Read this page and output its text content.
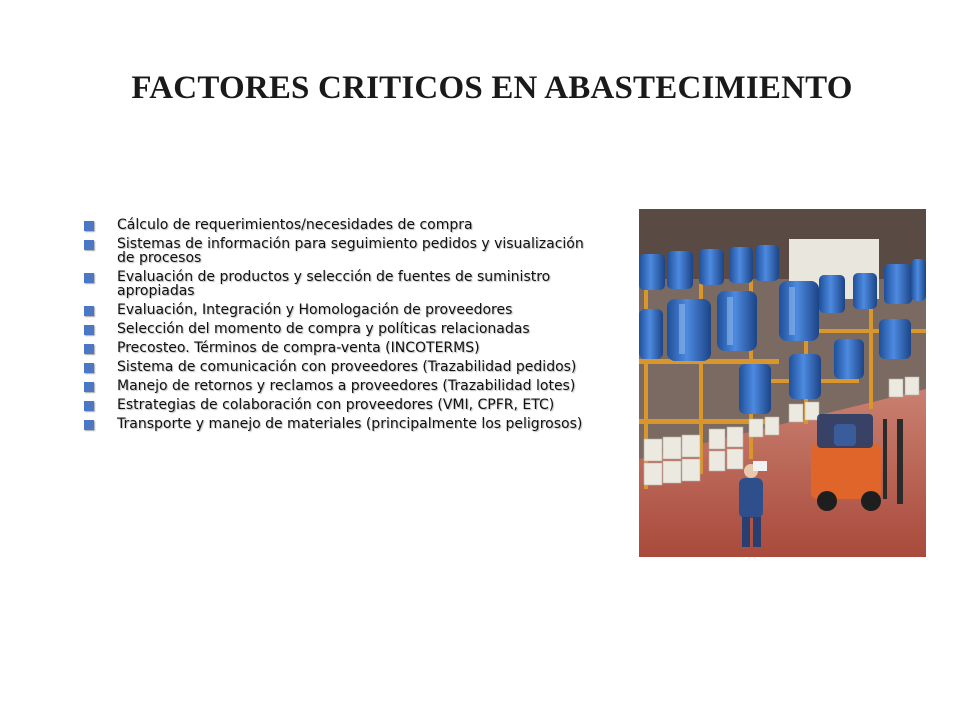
FACTORES CRITICOS EN ABASTECIMIENTO
Cálculo de requerimientos/necesidades de compra
Sistemas de información para seguimiento pedidos y visualización de procesos
Evaluación de productos y selección de fuentes de suministro apropiadas
Evaluación, Integración y Homologación de proveedores
Selección del momento de compra y políticas relacionadas
Precosteo. Términos de compra-venta (INCOTERMS)
Sistema de comunicación con proveedores (Trazabilidad pedidos)
Manejo de retornos y reclamos a proveedores (Trazabilidad lotes)
Estrategias de colaboración con proveedores (VMI, CPFR, ETC)
Transporte y manejo de materiales (principalmente los peligrosos)
